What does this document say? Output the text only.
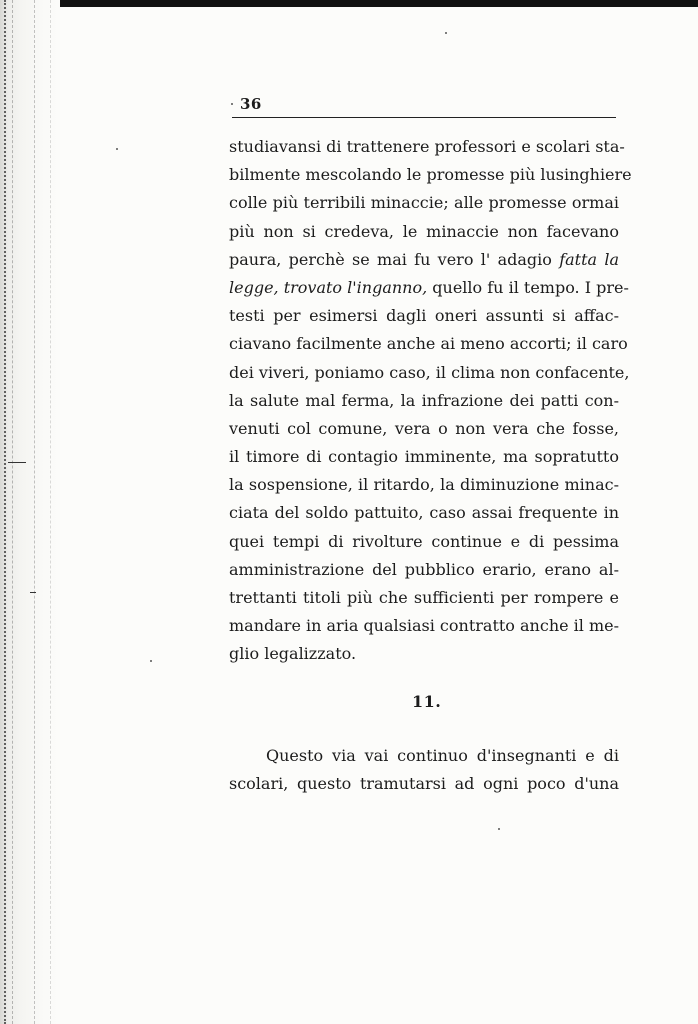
36
studiavansi di trattenere professori e scolari sta-
bilmente mescolando le promesse più lusinghiere
colle più terribili minaccie; alle promesse ormai
più non si credeva, le minaccie non facevano
paura, perchè se mai fu vero l' adagio fatta la
legge, trovato l'inganno, quello fu il tempo. I pre-
testi per esimersi dagli oneri assunti si affac-
ciavano facilmente anche ai meno accorti; il caro
dei viveri, poniamo caso, il clima non confacente,
la salute mal ferma, la infrazione dei patti con-
venuti col comune, vera o non vera che fosse,
il timore di contagio imminente, ma sopratutto
la sospensione, il ritardo, la diminuzione minac-
ciata del soldo pattuito, caso assai frequente in
quei tempi di rivolture continue e di pessima
amministrazione del pubblico erario, erano al-
trettanti titoli più che sufficienti per rompere e
mandare in aria qualsiasi contratto anche il me-
glio legalizzato.
11.
Questo via vai continuo d'insegnanti e di
scolari, questo tramutarsi ad ogni poco d'una
